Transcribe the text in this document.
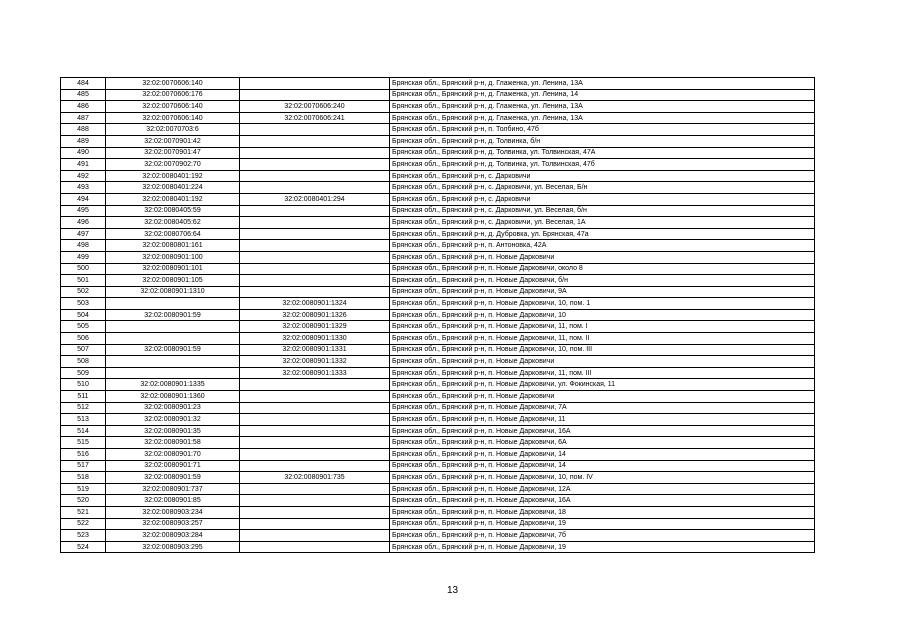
484	32:02:0070606:140		Брянская обл., Брянский р-н, д. Глаженка, ул. Ленина, 13А
485	32:02:0070606:176		Брянская обл., Брянский р-н, д. Глаженка, ул. Ленина, 14
486	32:02:0070606:140	32:02:0070606:240	Брянская обл., Брянский р-н, д. Глаженка, ул. Ленина, 13А
487	32:02:0070606:140	32:02:0070606:241	Брянская обл., Брянский р-н, д. Глаженка, ул. Ленина, 13А
488	32:02:0070703:6		Брянская обл., Брянский р-н, п. Толбино, 47б
489	32:02:0070901:42		Брянская обл., Брянский р-н, д. Толвинка, б/н
490	32:02:0070901:47		Брянская обл., Брянский р-н, д. Толвинка, ул. Толвинская, 47А
491	32:02:0070902:70		Брянская обл., Брянский р-н, д. Толвинка, ул. Толвинская, 47б
492	32:02:0080401:192		Брянская обл., Брянский р-н, с. Дарковичи
493	32:02:0080401:224		Брянская обл., Брянский р-н, с. Дарковичи, ул. Веселая, Б/н
494	32:02:0080401:192	32:02:0080401:294	Брянская обл., Брянский р-н, с. Дарковичи
495	32:02:0080405:59		Брянская обл., Брянский р-н, с. Дарковичи, ул. Веселая, б/н
496	32:02:0080405:62		Брянская обл., Брянский р-н, с. Дарковичи, ул. Веселая, 1А
497	32:02:0080706:64		Брянская обл., Брянский р-н, д. Дубровка, ул. Брянская, 47а
498	32:02:0080801:161		Брянская обл., Брянский р-н, п. Антоновка, 42А
499	32:02:0080901:100		Брянская обл., Брянский р-н, п. Новые Дарковичи
500	32:02:0080901:101		Брянская обл., Брянский р-н, п. Новые Дарковичи, около 8
501	32:02:0080901:105		Брянская обл., Брянский р-н, п. Новые Дарковичи, б/н
502	32:02:0080901:1310		Брянская обл., Брянский р-н, п. Новые Дарковичи, 9А
503		32:02:0080901:1324	Брянская обл., Брянский р-н, п. Новые Дарковичи, 10, пом. 1
504	32:02:0080901:59	32:02:0080901:1326	Брянская обл., Брянский р-н, п. Новые Дарковичи, 10
505		32:02:0080901:1329	Брянская обл., Брянский р-н, п. Новые Дарковичи, 11, пом. I
506		32:02:0080901:1330	Брянская обл., Брянский р-н, п. Новые Дарковичи, 11, пом. II
507	32:02:0080901:59	32:02:0080901:1331	Брянская обл., Брянский р-н, п. Новые Дарковичи, 10, пом. III
508		32:02:0080901:1332	Брянская обл., Брянский р-н, п. Новые Дарковичи
509		32:02:0080901:1333	Брянская обл., Брянский р-н, п. Новые Дарковичи, 11, пом. III
510	32:02:0080901:1335		Брянская обл., Брянский р-н, п. Новые Дарковичи, ул. Фокинская, 11
511	32:02:0080901:1360		Брянская обл., Брянский р-н, п. Новые Дарковичи
512	32:02:0080901:23		Брянская обл., Брянский р-н, п. Новые Дарковичи, 7А
513	32:02:0080901:32		Брянская обл., Брянский р-н, п. Новые Дарковичи, 11
514	32:02:0080901:35		Брянская обл., Брянский р-н, п. Новые Дарковичи, 16А
515	32:02:0080901:58		Брянская обл., Брянский р-н, п. Новые Дарковичи, 6А
516	32:02:0080901:70		Брянская обл., Брянский р-н, п. Новые Дарковичи, 14
517	32:02:0080901:71		Брянская обл., Брянский р-н, п. Новые Дарковичи, 14
518	32:02:0080901:59	32:02:0080901:735	Брянская обл., Брянский р-н, п. Новые Дарковичи, 10, пом. IV
519	32:02:0080901:737		Брянская обл., Брянский р-н, п. Новые Дарковичи, 12А
520	32:02:0080901:85		Брянская обл., Брянский р-н, п. Новые Дарковичи, 16А
521	32:02:0080903:234		Брянская обл., Брянский р-н, п. Новые Дарковичи, 18
522	32:02:0080903:257		Брянская обл., Брянский р-н, п. Новые Дарковичи, 19
523	32:02:0080903:284		Брянская обл., Брянский р-н, п. Новые Дарковичи, 7б
524	32:02:0080903:295		Брянская обл., Брянский р-н, п. Новые Дарковичи, 19
13
